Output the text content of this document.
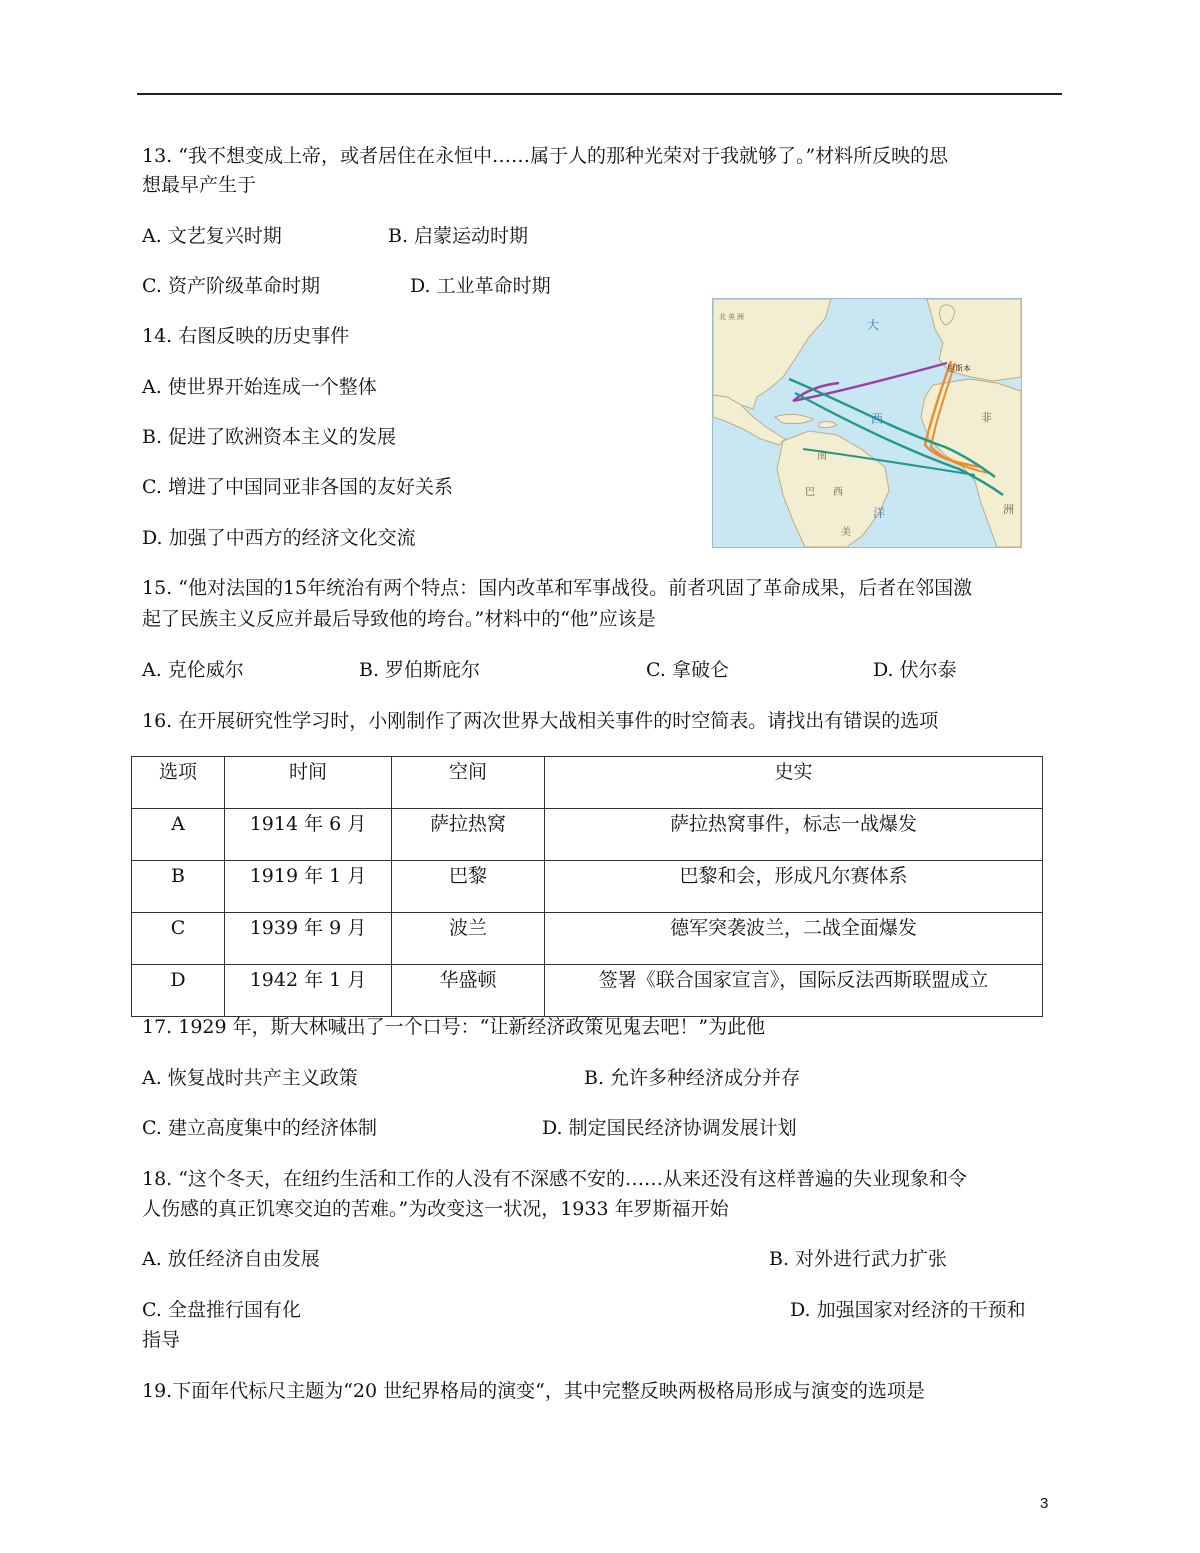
13. “我不想变成上帝，或者居住在永恒中……属于人的那种光荣对于我就够了。”材料所反映的思
想最早产生于
A. 文艺复兴时期	B. 启蒙运动时期
C. 资产阶级革命时期	D. 工业革命时期
14. 右图反映的历史事件
A. 使世界开始连成一个整体
B. 促进了欧洲资本主义的发展
C. 增进了中国同亚非各国的友好关系
D. 加强了中西方的经济文化交流
大
西
洋
非
洲
北 美 洲
南
巴 西
美
里斯本
15. “他对法国的15年统治有两个特点：国内改革和军事战役。前者巩固了革命成果，后者在邻国激
起了民族主义反应并最后导致他的垮台。”材料中的“他”应该是
A. 克伦威尔	B. 罗伯斯庇尔	C. 拿破仑	D. 伏尔泰
16. 在开展研究性学习时，小刚制作了两次世界大战相关事件的时空简表。请找出有错误的选项
选项	时间	空间	史实
A	1914 年 6 月	萨拉热窝	萨拉热窝事件，标志一战爆发
B	1919 年 1 月	巴黎	巴黎和会，形成凡尔赛体系
C	1939 年 9 月	波兰	德军突袭波兰，二战全面爆发
D	1942 年 1 月	华盛顿	签署《联合国家宣言》，国际反法西斯联盟成立
17. 1929 年，斯大林喊出了一个口号：“让新经济政策见鬼去吧！”为此他
A. 恢复战时共产主义政策	B. 允许多种经济成分并存
C. 建立高度集中的经济体制	D. 制定国民经济协调发展计划
18. “这个冬天，在纽约生活和工作的人没有不深感不安的……从来还没有这样普遍的失业现象和令
人伤感的真正饥寒交迫的苦难。”为改变这一状况，1933 年罗斯福开始
A. 放任经济自由发展	B. 对外进行武力扩张
C. 全盘推行国有化	D. 加强国家对经济的干预和
指导
19.下面年代标尺主题为“20 世纪界格局的演变“，其中完整反映两极格局形成与演变的选项是
3
